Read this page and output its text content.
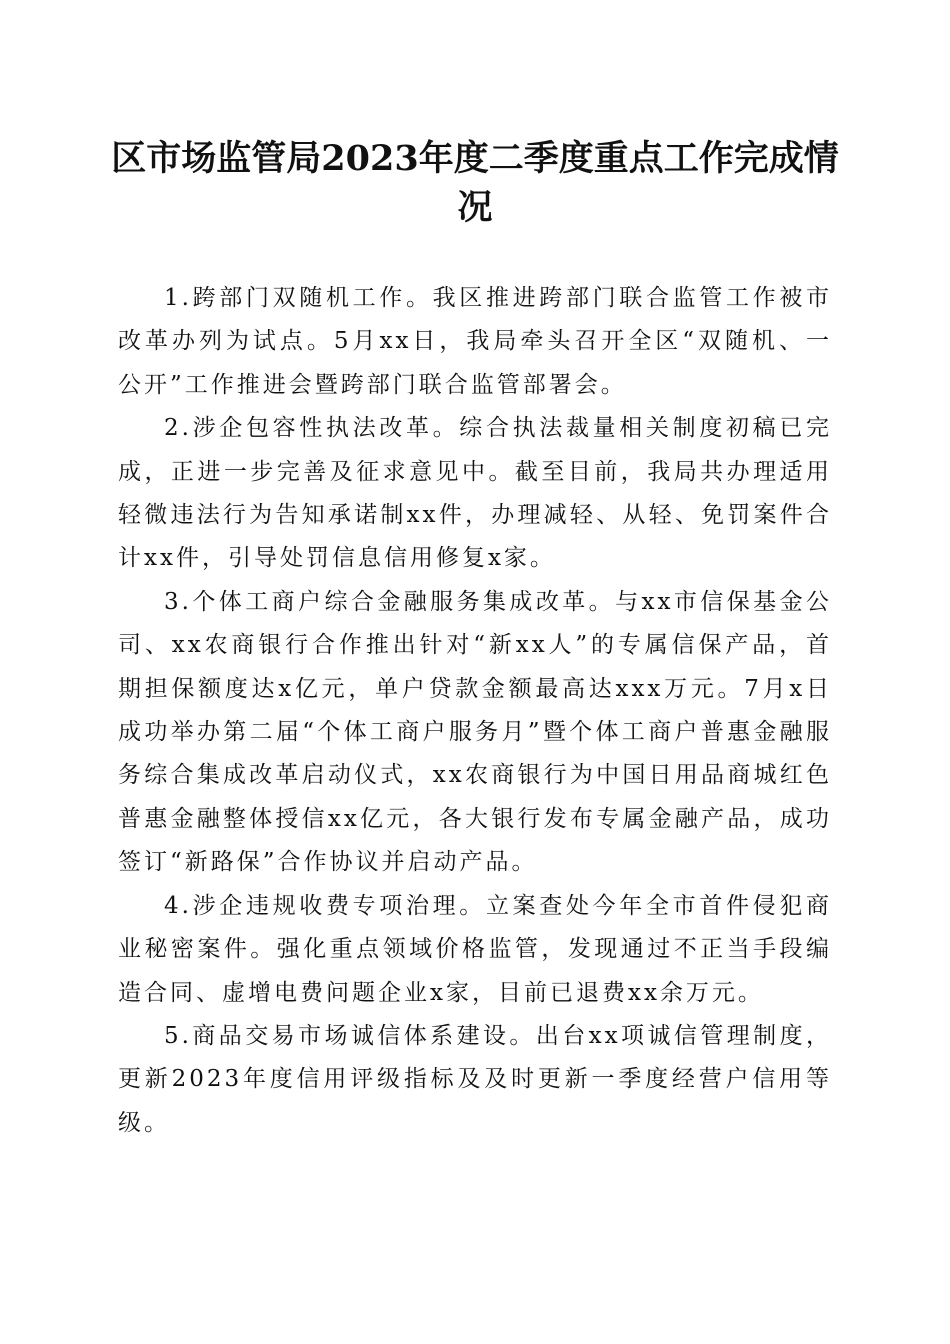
区市场监管局2023年度二季度重点工作完成情况

1.跨部门双随机工作。我区推进跨部门联合监管工作被市改革办列为试点。5月xx日，我局牵头召开全区“双随机、一公开”工作推进会暨跨部门联合监管部署会。

2.涉企包容性执法改革。综合执法裁量相关制度初稿已完成，正进一步完善及征求意见中。截至目前，我局共办理适用轻微违法行为告知承诺制xx件，办理减轻、从轻、免罚案件合计xx件，引导处罚信息信用修复x家。

3.个体工商户综合金融服务集成改革。与xx市信保基金公司、xx农商银行合作推出针对“新xx人”的专属信保产品，首期担保额度达x亿元，单户贷款金额最高达xxx万元。7月x日成功举办第二届“个体工商户服务月”暨个体工商户普惠金融服务综合集成改革启动仪式，xx农商银行为中国日用品商城红色普惠金融整体授信xx亿元，各大银行发布专属金融产品，成功签订“新路保”合作协议并启动产品。

4.涉企违规收费专项治理。立案查处今年全市首件侵犯商业秘密案件。强化重点领域价格监管，发现通过不正当手段编造合同、虚增电费问题企业x家，目前已退费xx余万元。

5.商品交易市场诚信体系建设。出台xx项诚信管理制度，更新2023年度信用评级指标及及时更新一季度经营户信用等级。
